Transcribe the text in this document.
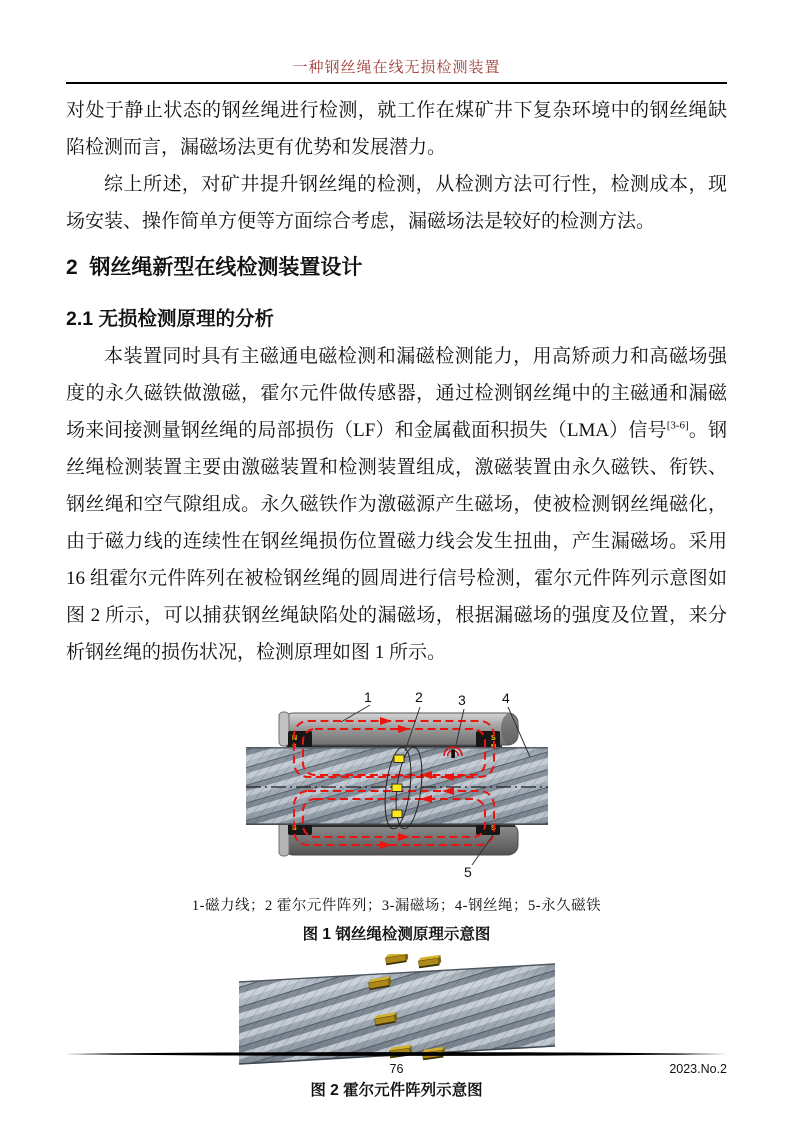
一种钢丝绳在线无损检测装置

对处于静止状态的钢丝绳进行检测，就工作在煤矿井下复杂环境中的钢丝绳缺陷检测而言，漏磁场法更有优势和发展潜力。

综上所述，对矿井提升钢丝绳的检测，从检测方法可行性，检测成本，现场安装、操作简单方便等方面综合考虑，漏磁场法是较好的检测方法。

2  钢丝绳新型在线检测装置设计
2.1 无损检测原理的分析

本装置同时具有主磁通电磁检测和漏磁检测能力，用高矫顽力和高磁场强度的永久磁铁做激磁，霍尔元件做传感器，通过检测钢丝绳中的主磁通和漏磁场来间接测量钢丝绳的局部损伤（LF）和金属截面积损失（LMA）信号[3-6]。钢丝绳检测装置主要由激磁装置和检测装置组成，激磁装置由永久磁铁、衔铁、钢丝绳和空气隙组成。永久磁铁作为激磁源产生磁场，使被检测钢丝绳磁化，由于磁力线的连续性在钢丝绳损伤位置磁力线会发生扭曲，产生漏磁场。采用 16 组霍尔元件阵列在被检钢丝绳的圆周进行信号检测，霍尔元件阵列示意图如图 2 所示，可以捕获钢丝绳缺陷处的漏磁场，根据漏磁场的强度及位置，来分析钢丝绳的损伤状况，检测原理如图 1 所示。

N	S
S	S
1	2	3	4
5
1-磁力线；2 霍尔元件阵列；3-漏磁场；4-钢丝绳；5-永久磁铁
图 1 钢丝绳检测原理示意图
图 2 霍尔元件阵列示意图
76	2023.No.2
